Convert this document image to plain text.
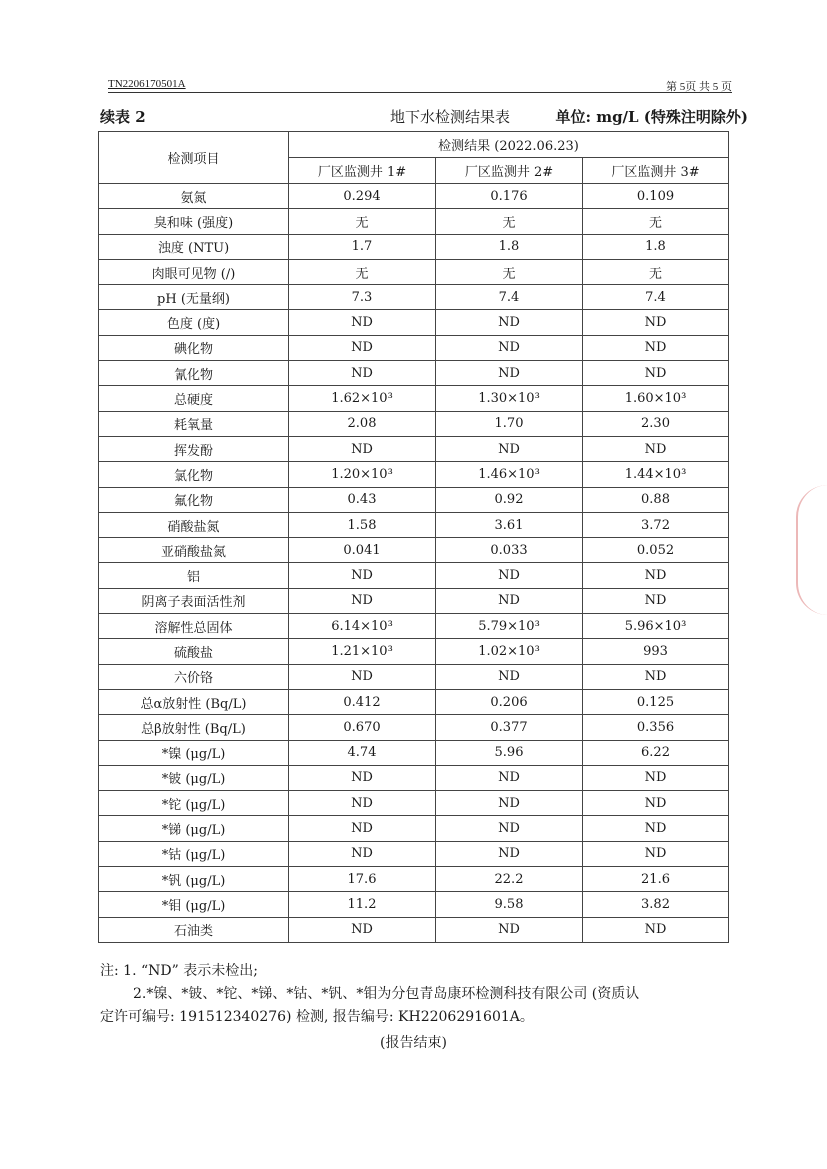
TN2206170501A	第 5页 共 5 页
续表 2	地下水检测结果表	单位: mg/L (特殊注明除外)
检测项目	检测结果 (2022.06.23)		
	厂区监测井 1#	厂区监测井 2#	厂区监测井 3#
氨氮	0.294	0.176	0.109
臭和味 (强度)	无	无	无
浊度 (NTU)	1.7	1.8	1.8
肉眼可见物 (/)	无	无	无
pH (无量纲)	7.3	7.4	7.4
色度 (度)	ND	ND	ND
碘化物	ND	ND	ND
氰化物	ND	ND	ND
总硬度	1.62×10³	1.30×10³	1.60×10³
耗氧量	2.08	1.70	2.30
挥发酚	ND	ND	ND
氯化物	1.20×10³	1.46×10³	1.44×10³
氟化物	0.43	0.92	0.88
硝酸盐氮	1.58	3.61	3.72
亚硝酸盐氮	0.041	0.033	0.052
铝	ND	ND	ND
阴离子表面活性剂	ND	ND	ND
溶解性总固体	6.14×10³	5.79×10³	5.96×10³
硫酸盐	1.21×10³	1.02×10³	993
六价铬	ND	ND	ND
总α放射性 (Bq/L)	0.412	0.206	0.125
总β放射性 (Bq/L)	0.670	0.377	0.356
*镍 (μg/L)	4.74	5.96	6.22
*铍 (μg/L)	ND	ND	ND
*铊 (μg/L)	ND	ND	ND
*锑 (μg/L)	ND	ND	ND
*钴 (μg/L)	ND	ND	ND
*钒 (μg/L)	17.6	22.2	21.6
*钼 (μg/L)	11.2	9.58	3.82
石油类	ND	ND	ND
注: 1. “ND” 表示未检出;
2.*镍、*铍、*铊、*锑、*钴、*钒、*钼为分包青岛康环检测科技有限公司 (资质认
定许可编号: 191512340276) 检测, 报告编号: KH2206291601A。
(报告结束)
